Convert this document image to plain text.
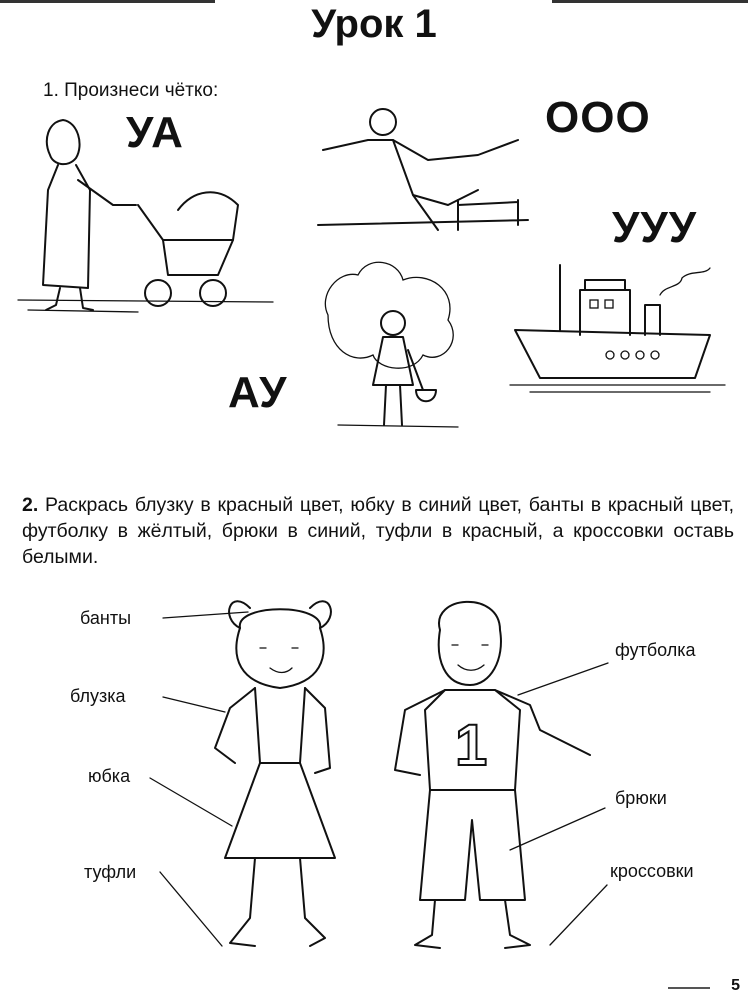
Урок 1
1. Произнеси чётко:
УА	ООО
УУУ
АУ
2. Раскрась блузку в красный цвет, юбку в синий цвет, банты в красный цвет, футболку в жёлтый, брюки в синий, туфли в красный, а кроссовки оставь белыми.
1
банты
блузка
юбка
туфли
футболка
брюки
кроссовки
5
